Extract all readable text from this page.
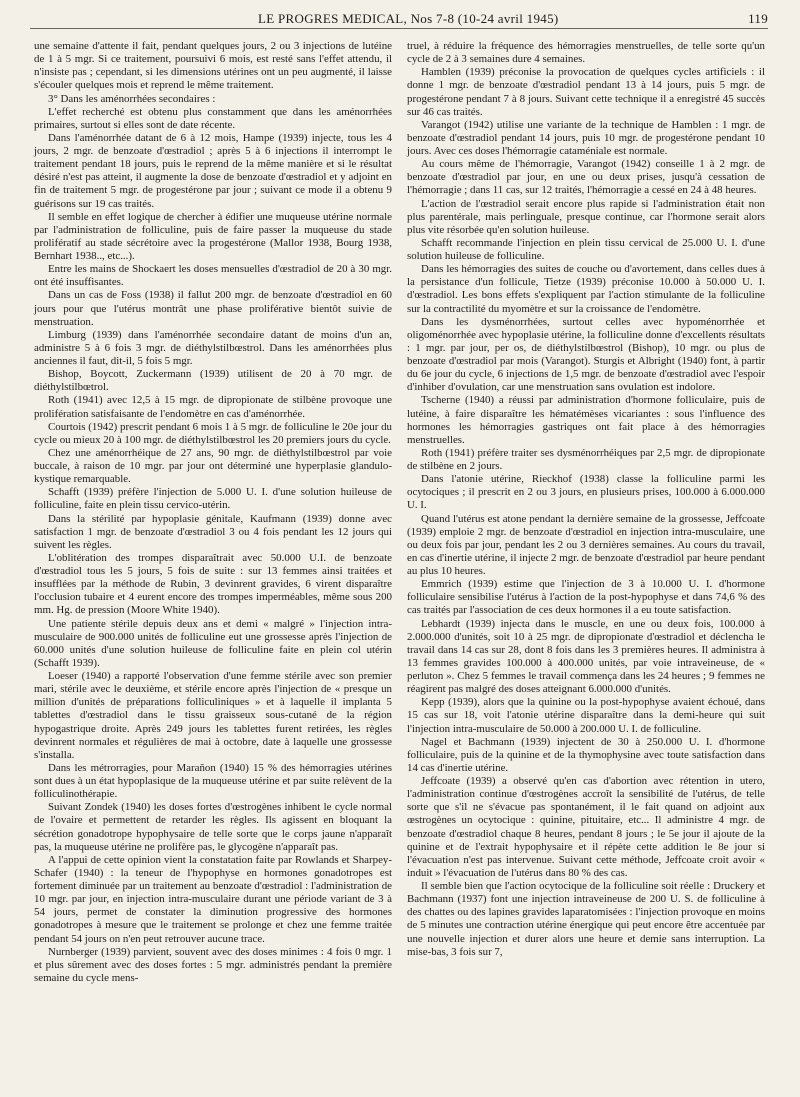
LE PROGRES MEDICAL, Nos 7-8 (10-24 avril 1945)	119

une semaine d'attente il fait, pendant quelques jours, 2 ou 3 injections de lutéine de 1 à 5 mgr. Si ce traitement, poursuivi 6 mois, est resté sans l'effet attendu, il n'insiste pas ; cependant, si les dimensions utérines ont un peu augmenté, il laisse s'écouler quelques mois et reprend le même traitement.

3° Dans les aménorrhées secondaires :

L'effet recherché est obtenu plus constamment que dans les aménorrhées primaires, surtout si elles sont de date récente.

Dans l'aménorrhée datant de 6 à 12 mois, Hampe (1939) injecte, tous les 4 jours, 2 mgr. de benzoate d'œstradiol ; après 5 à 6 injections il interrompt le traitement pendant 18 jours, puis le reprend de la même manière et si le résultat désiré n'est pas atteint, il augmente la dose de benzoate d'œstradiol et y adjoint en fin de traitement 5 mgr. de progestérone par jour ; suivant ce mode il a obtenu 9 guérisons sur 19 cas traités.

Il semble en effet logique de chercher à édifier une muqueuse utérine normale par l'administration de folliculine, puis de faire passer la muqueuse du stade prolifératif au stade sécrétoire avec la progestérone (Mallor 1938, Bourg 1938, Bernhart 1938.., etc...).

Entre les mains de Shockaert les doses mensuelles d'œstradiol de 20 à 30 mgr. ont été insuffisantes.

Dans un cas de Foss (1938) il fallut 200 mgr. de benzoate d'œstradiol en 60 jours pour que l'utérus montrât une phase proliférative bientôt suivie de menstruation.

Limburg (1939) dans l'aménorrhée secondaire datant de moins d'un an, administre 5 à 6 fois 3 mgr. de diéthylstilbœstrol. Dans les aménorrhées plus anciennes il faut, dit-il, 5 fois 5 mgr.

Bishop, Boycott, Zuckermann (1939) utilisent de 20 à 70 mgr. de diéthylstilbœtrol.

Roth (1941) avec 12,5 à 15 mgr. de dipropionate de stilbène provoque une prolifération satisfaisante de l'endomètre en cas d'aménorrhée.

Courtois (1942) prescrit pendant 6 mois 1 à 5 mgr. de folliculine le 20e jour du cycle ou mieux 20 à 100 mgr. de diéthylstilbœstrol les 20 premiers jours du cycle.

Chez une aménorrhéique de 27 ans, 90 mgr. de diéthylstilbœstrol par voie buccale, à raison de 10 mgr. par jour ont déterminé une hyperplasie glandulo-kystique remarquable.

Schafft (1939) préfère l'injection de 5.000 U. I. d'une solution huileuse de folliculine, faite en plein tissu cervico-utérin.

Dans la stérilité par hypoplasie génitale, Kaufmann (1939) donne avec satisfaction 1 mgr. de benzoate d'œstradiol 3 ou 4 fois pendant les 12 jours qui suivent les règles.

L'oblitération des trompes disparaîtrait avec 50.000 U.I. de benzoate d'œstradiol tous les 5 jours, 5 fois de suite : sur 13 femmes ainsi traitées et insufflées par la méthode de Rubin, 3 devinrent gravides, 6 virent disparaître l'occlusion tubaire et 4 eurent encore des trompes imperméables, même sous 200 mm. Hg. de pression (Moore White 1940).

Une patiente stérile depuis deux ans et demi « malgré » l'injection intra-musculaire de 900.000 unités de folliculine eut une grossesse après l'injection de 60.000 unités d'une solution huileuse de folliculine faite en plein col utérin (Schafft 1939).

Loeser (1940) a rapporté l'observation d'une femme stérile avec son premier mari, stérile avec le deuxième, et stérile encore après l'injection de « presque un million d'unités de préparations folliculiniques » et à laquelle il implanta 5 tablettes d'œstradiol dans le tissu graisseux sous-cutané de la région hypogastrique droite. Après 249 jours les tablettes furent retirées, les règles devinrent normales et régulières de mai à octobre, date à laquelle une grossesse s'installa.

Dans les métrorragies, pour Marañon (1940) 15 % des hémorragies utérines sont dues à un état hypoplasique de la muqueuse utérine et par suite relèvent de la folliculinothérapie.

Suivant Zondek (1940) les doses fortes d'œstrogènes inhibent le cycle normal de l'ovaire et permettent de retarder les règles. Ils agissent en bloquant la sécrétion gonadotrope hypophysaire de telle sorte que le corps jaune n'apparaît pas, la muqueuse utérine ne prolifère pas, le glycogène n'apparaît pas.

A l'appui de cette opinion vient la constatation faite par Rowlands et Sharpey-Schafer (1940) : la teneur de l'hypophyse en hormones gonadotropes est fortement diminuée par un traitement au benzoate d'œstradiol : l'administration de 10 mgr. par jour, en injection intra-musculaire durant une période variant de 3 à 54 jours, permet de constater la diminution progressive des hormones gonadotropes à mesure que le traitement se prolonge et chez une femme traitée pendant 54 jours on n'en peut retrouver aucune trace.

Nurnberger (1939) parvient, souvent avec des doses minimes : 4 fois 0 mgr. 1 et plus sûrement avec des doses fortes : 5 mgr. administrés pendant la première semaine du cycle mens-

truel, à réduire la fréquence des hémorragies menstruelles, de telle sorte qu'un cycle de 2 à 3 semaines dure 4 semaines.

Hamblen (1939) préconise la provocation de quelques cycles artificiels : il donne 1 mgr. de benzoate d'œstradiol pendant 13 à 14 jours, puis 5 mgr. de progestérone pendant 7 à 8 jours. Suivant cette technique il a enregistré 45 succès sur 46 cas traités.

Varangot (1942) utilise une variante de la technique de Hamblen : 1 mgr. de benzoate d'œstradiol pendant 14 jours, puis 10 mgr. de progestérone pendant 10 jours. Avec ces doses l'hémorragie cataméniale est normale.

Au cours même de l'hémorragie, Varangot (1942) conseille 1 à 2 mgr. de benzoate d'œstradiol par jour, en une ou deux prises, jusqu'à cessation de l'hémorragie ; dans 11 cas, sur 12 traités, l'hémorragie a cessé en 24 à 48 heures.

L'action de l'œstradiol serait encore plus rapide si l'administration était non plus parentérale, mais perlinguale, presque continue, car l'hormone serait alors plus vite résorbée qu'en solution huileuse.

Schafft recommande l'injection en plein tissu cervical de 25.000 U. I. d'une solution huileuse de folliculine.

Dans les hémorragies des suites de couche ou d'avortement, dans celles dues à la persistance d'un follicule, Tietze (1939) préconise 10.000 à 50.000 U. I. d'œstradiol. Les bons effets s'expliquent par l'action stimulante de la folliculine sur la contractilité du myomètre et sur la croissance de l'endomètre.

Dans les dysménorrhées, surtout celles avec hypoménorrhée et oligoménorrhée avec hypoplasie utérine, la folliculine donne d'excellents résultats : 1 mgr. par jour, per os, de diéthylstilbœstrol (Bishop), 10 mgr. ou plus de benzoate d'œstradiol par mois (Varangot). Sturgis et Albright (1940) font, à partir du 6e jour du cycle, 6 injections de 1,5 mgr. de benzoate d'œstradiol avec l'espoir d'inhiber d'ovulation, car une menstruation sans ovulation est indolore.

Tscherne (1940) a réussi par administration d'hormone folliculaire, puis de lutéine, à faire disparaître les hématémèses vicariantes : sous l'influence des hormones les hémorragies gastriques ont fait place à des hémorragies menstruelles.

Roth (1941) préfère traiter ses dysménorrhéiques par 2,5 mgr. de dipropionate de stilbène en 2 jours.

Dans l'atonie utérine, Rieckhof (1938) classe la folliculine parmi les ocytociques ; il prescrit en 2 ou 3 jours, en plusieurs prises, 100.000 à 6.000.000 U. I.

Quand l'utérus est atone pendant la dernière semaine de la grossesse, Jeffcoate (1939) emploie 2 mgr. de benzoate d'œstradiol en injection intra-musculaire, une ou deux fois par jour, pendant les 2 ou 3 dernières semaines. Au cours du travail, en cas d'inertie utérine, il injecte 2 mgr. de benzoate d'œstradiol par heure pendant au plus 10 heures.

Emmrich (1939) estime que l'injection de 3 à 10.000 U. I. d'hormone folliculaire sensibilise l'utérus à l'action de la post-hypophyse et dans 74,6 % des cas traités par l'association de ces deux hormones il a eu toute satisfaction.

Lebhardt (1939) injecta dans le muscle, en une ou deux fois, 100.000 à 2.000.000 d'unités, soit 10 à 25 mgr. de dipropionate d'œstradiol et déclencha le travail dans 14 cas sur 28, dont 8 fois dans les 3 premières heures. Il administra à 13 femmes gravides 100.000 à 400.000 unités, par voie intraveineuse, de « perluton ». Chez 5 femmes le travail commença dans les 24 heures ; 9 femmes ne réagirent pas malgré des doses atteignant 6.000.000 d'unités.

Kepp (1939), alors que la quinine ou la post-hypophyse avaient échoué, dans 15 cas sur 18, voit l'atonie utérine disparaître dans la demi-heure qui suit l'injection intra-musculaire de 50.000 à 200.000 U. I. de folliculine.

Nagel et Bachmann (1939) injectent de 30 à 250.000 U. I. d'hormone folliculaire, puis de la quinine et de la thymophysine avec toute satisfaction dans 14 cas d'inertie utérine.

Jeffcoate (1939) a observé qu'en cas d'abortion avec rétention in utero, l'administration continue d'œstrogènes accroît la sensibilité de l'utérus, de telle sorte que s'il ne s'évacue pas spontanément, il le fait quand on adjoint aux œstrogènes un ocytocique : quinine, pituitaire, etc... Il administre 4 mgr. de benzoate d'œstradiol chaque 8 heures, pendant 8 jours ; le 5e jour il ajoute de la quinine et de l'extrait hypophysaire et il répète cette addition le 8e jour si l'évacuation n'est pas intervenue. Suivant cette méthode, Jeffcoate croit avoir « induit » l'évacuation de l'utérus dans 80 % des cas.

Il semble bien que l'action ocytocique de la folliculine soit réelle : Druckery et Bachmann (1937) font une injection intraveineuse de 200 U. S. de folliculine à des chattes ou des lapines gravides laparatomisées : l'injection provoque en moins de 5 minutes une contraction utérine énergique qui peut encore être accentuée par une nouvelle injection et durer alors une heure et demie sans interruption. La mise-bas, 3 fois sur 7,
